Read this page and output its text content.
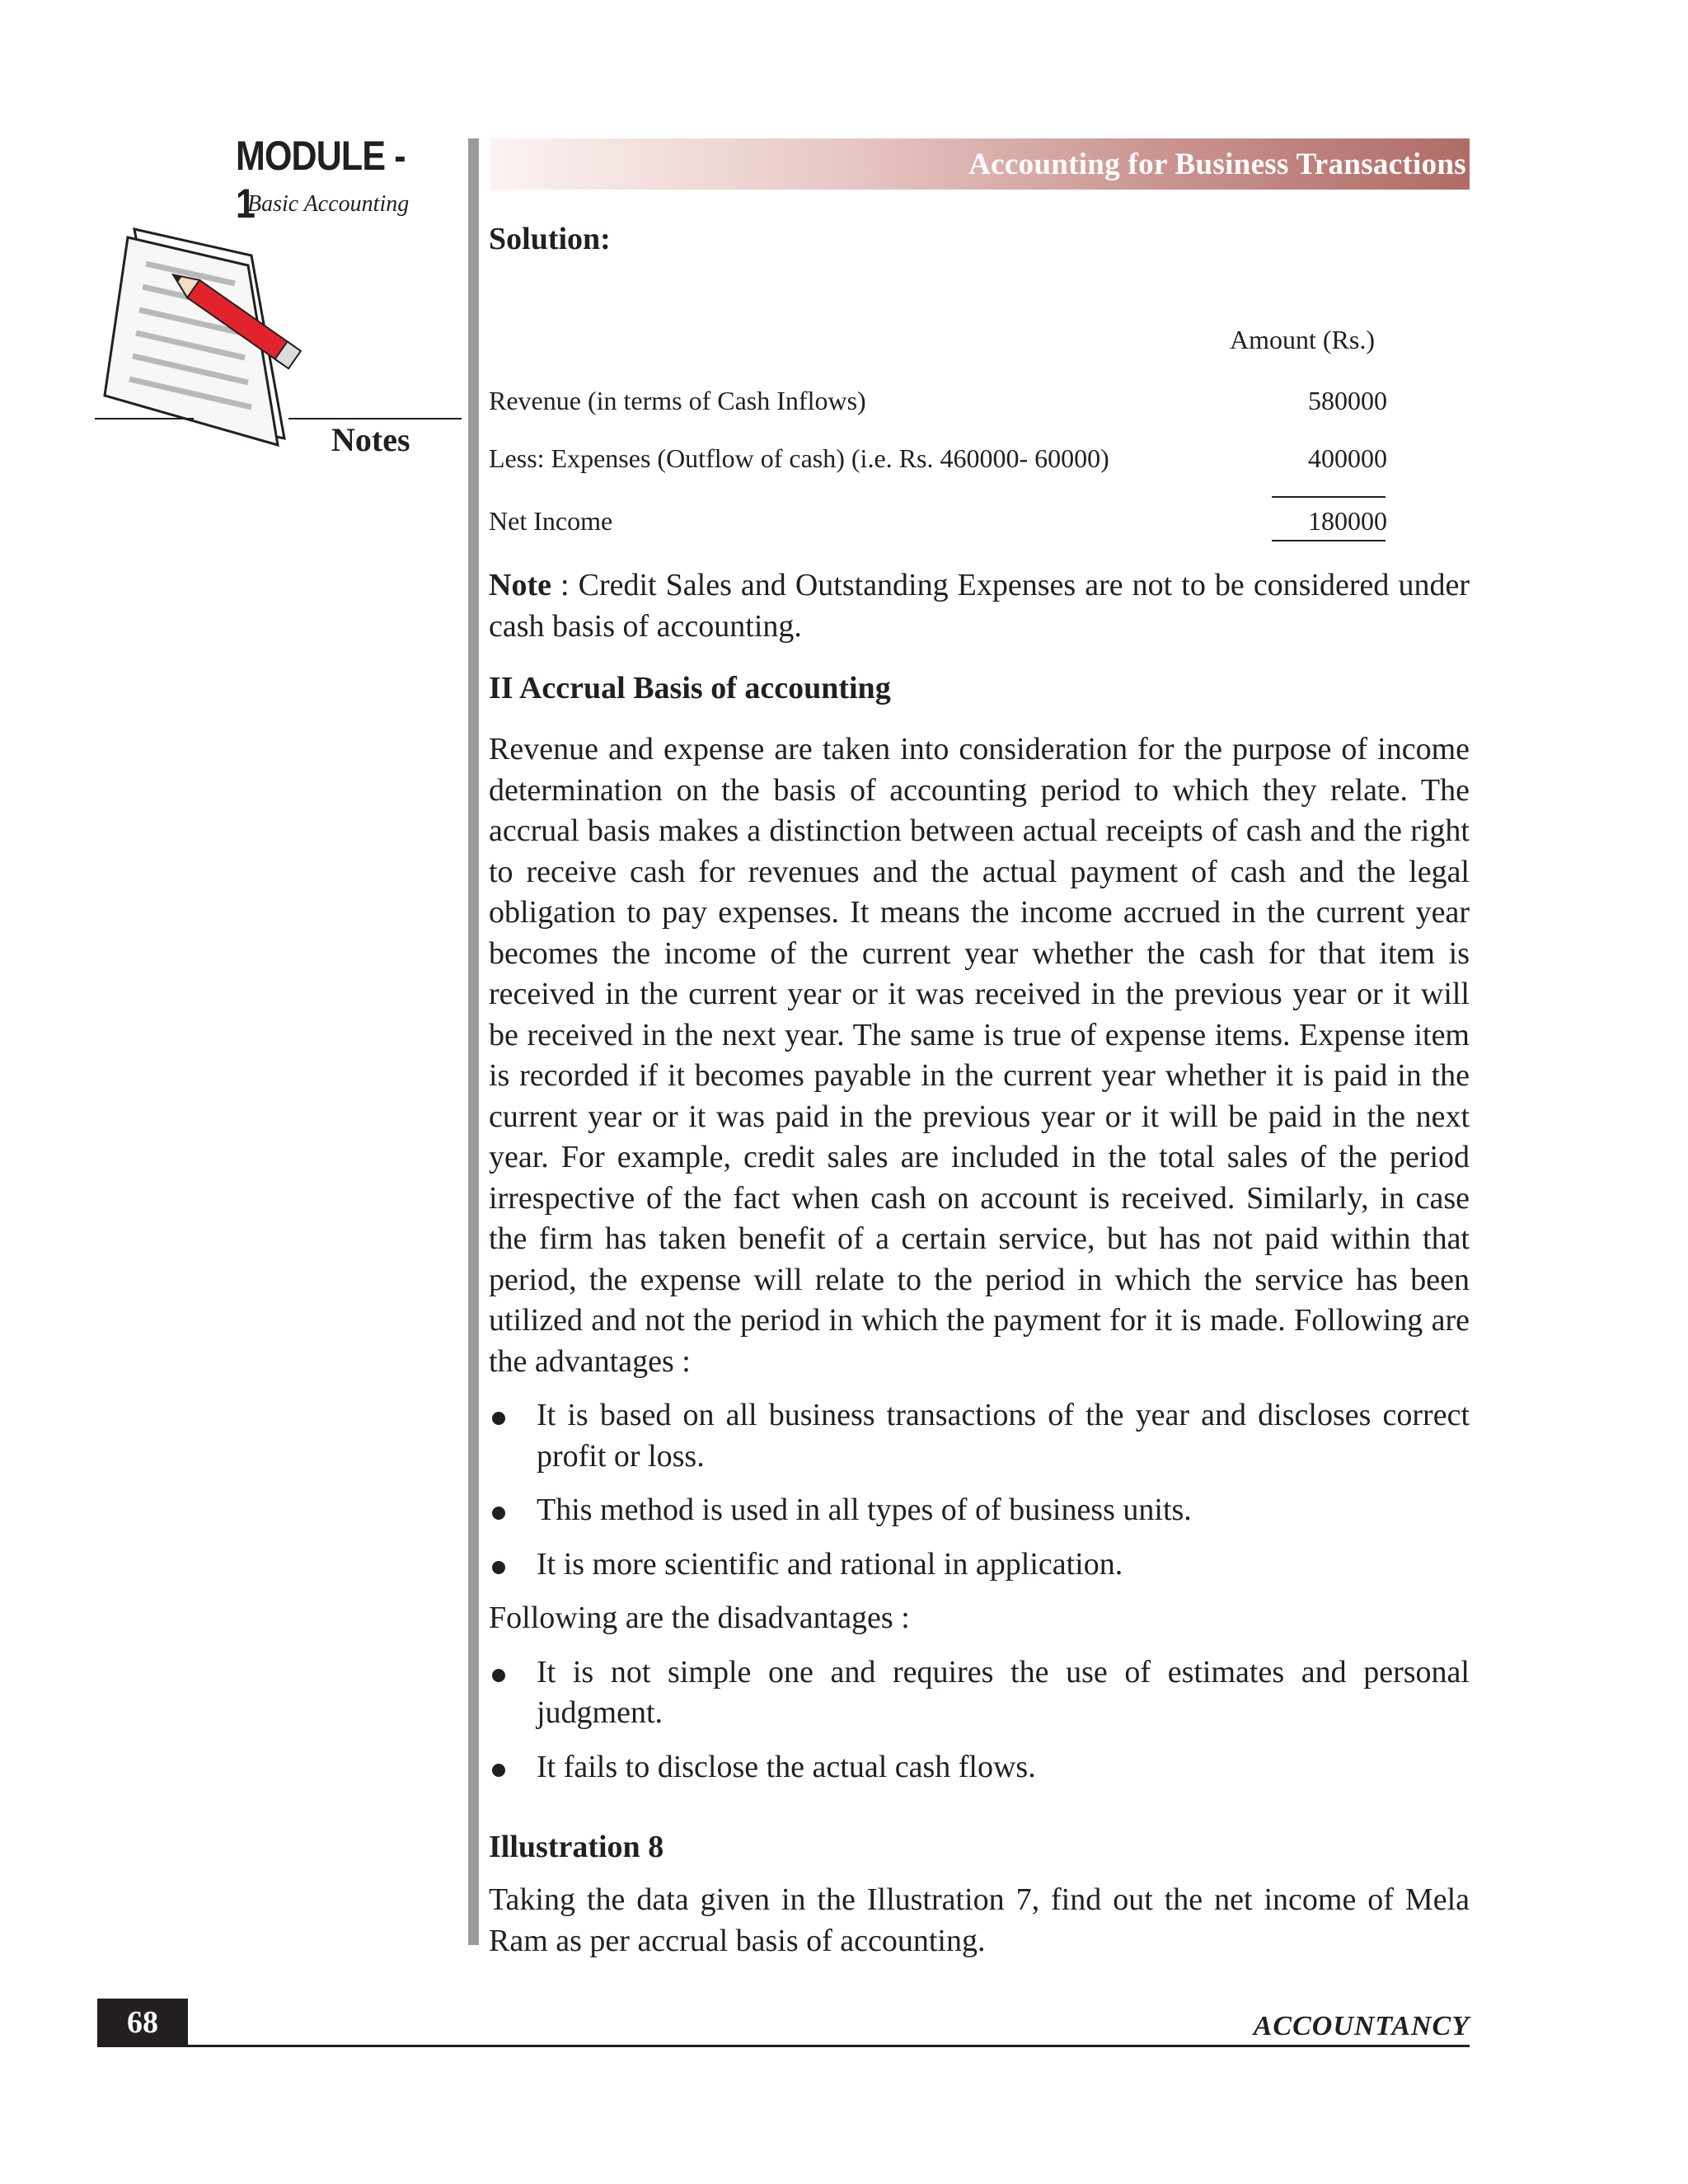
MODULE - 1
Basic Accounting
Notes
Accounting for Business Transactions
Solution:
Amount (Rs.)
Revenue (in terms of Cash Inflows)	580000
Less: Expenses (Outflow of cash) (i.e. Rs. 460000- 60000)	400000
Net Income	180000

Note : Credit Sales and Outstanding Expenses are not to be considered under cash basis of accounting.

II Accrual Basis of accounting

Revenue and expense are taken into consideration for the purpose of income determination on the basis of accounting period to which they relate. The accrual basis makes a distinction between actual receipts of cash and the right to receive cash for revenues and the actual payment of cash and the legal obligation to pay expenses. It means the income accrued in the current year becomes the income of the current year whether the cash for that item is received in the current year or it was received in the previous year or it will be received in the next year. The same is true of expense items. Expense item is recorded if it becomes payable in the current year whether it is paid in the current year or it was paid in the previous year or it will be paid in the next year. For example, credit sales are included in the total sales of the period irrespective of the fact when cash on account is received. Similarly, in case the firm has taken benefit of a certain service, but has not paid within that period, the expense will relate to the period in which the service has been utilized and not the period in which the payment for it is made. Following are the advantages :

It is based on all business transactions of the year and discloses correct profit or loss.
This method is used in all types of of business units.
It is more scientific and rational in application.
Following are the disadvantages :
It is not simple one and requires the use of estimates and personal judgment.
It fails to disclose the actual cash flows.
Illustration 8

Taking the data given in the Illustration 7, find out the net income of Mela Ram as per accrual basis of accounting.

68	ACCOUNTANCY
